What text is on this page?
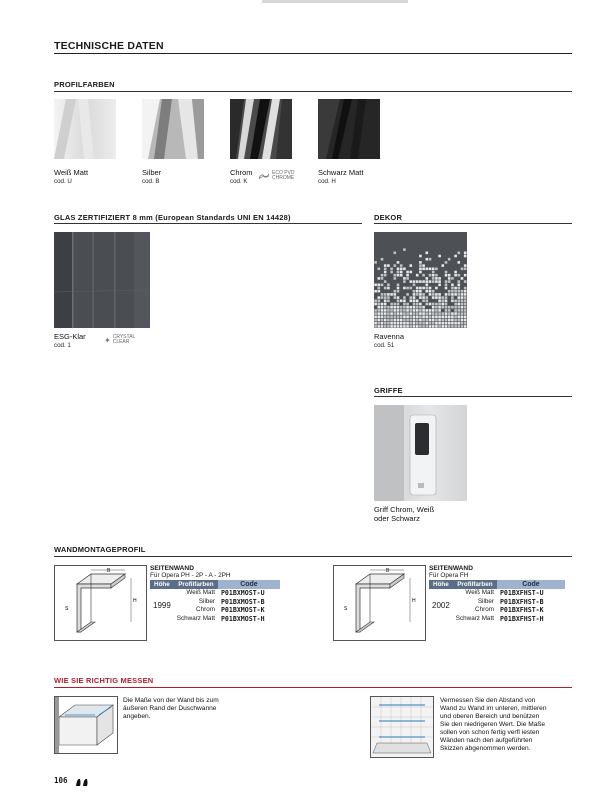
TECHNISCHE DATEN
PROFILFARBEN
Weiß Matt
cod. U
Silber
cod. B
Chrom
cod. K
ECO PVD
CHROME
Schwarz Matt
cod. H
GLAS ZERTIFIZIERT 8 mm (European Standards UNI EN 14428)
ESG-Klar
cod. 1
✦ CRYSTAL
CLEAR
DEKOR
Ravenna
cod. 51
GRIFFE
Griff Chrom, Weiß
oder Schwarz
WANDMONTAGEPROFIL
B
H
S
SEITENWAND
Für Opera PH - 2P - A - 2PH
Höhe	Profilfarben	Code
1999	Weiß Matt	P01BXMOST-U
	Silber	P01BXMOST-B
	Chrom	P01BXMOST-K
	Schwarz Matt	P01BXMOST-H
B
H
S
SEITENWAND
Für Opera FH
Höhe	Profilfarben	Code
2002	Weiß Matt	P01BXFHST-U
	Silber	P01BXFHST-B
	Chrom	P01BXFHST-K
	Schwarz Matt	P01BXFHST-H
WIE SIE RICHTIG MESSEN
Die Maße von der Wand bis zum
äußeren Rand der Duschwanne
angeben.
Vermessen Sie den Abstand von
Wand zu Wand im unteren, mittleren
und oberen Bereich und benützen
Sie den niedrigeren Wert. Die Maße
sollen von schon fertig verfl iesten
Wänden nach den aufgeführten
Skizzen abgenommen werden.
106
